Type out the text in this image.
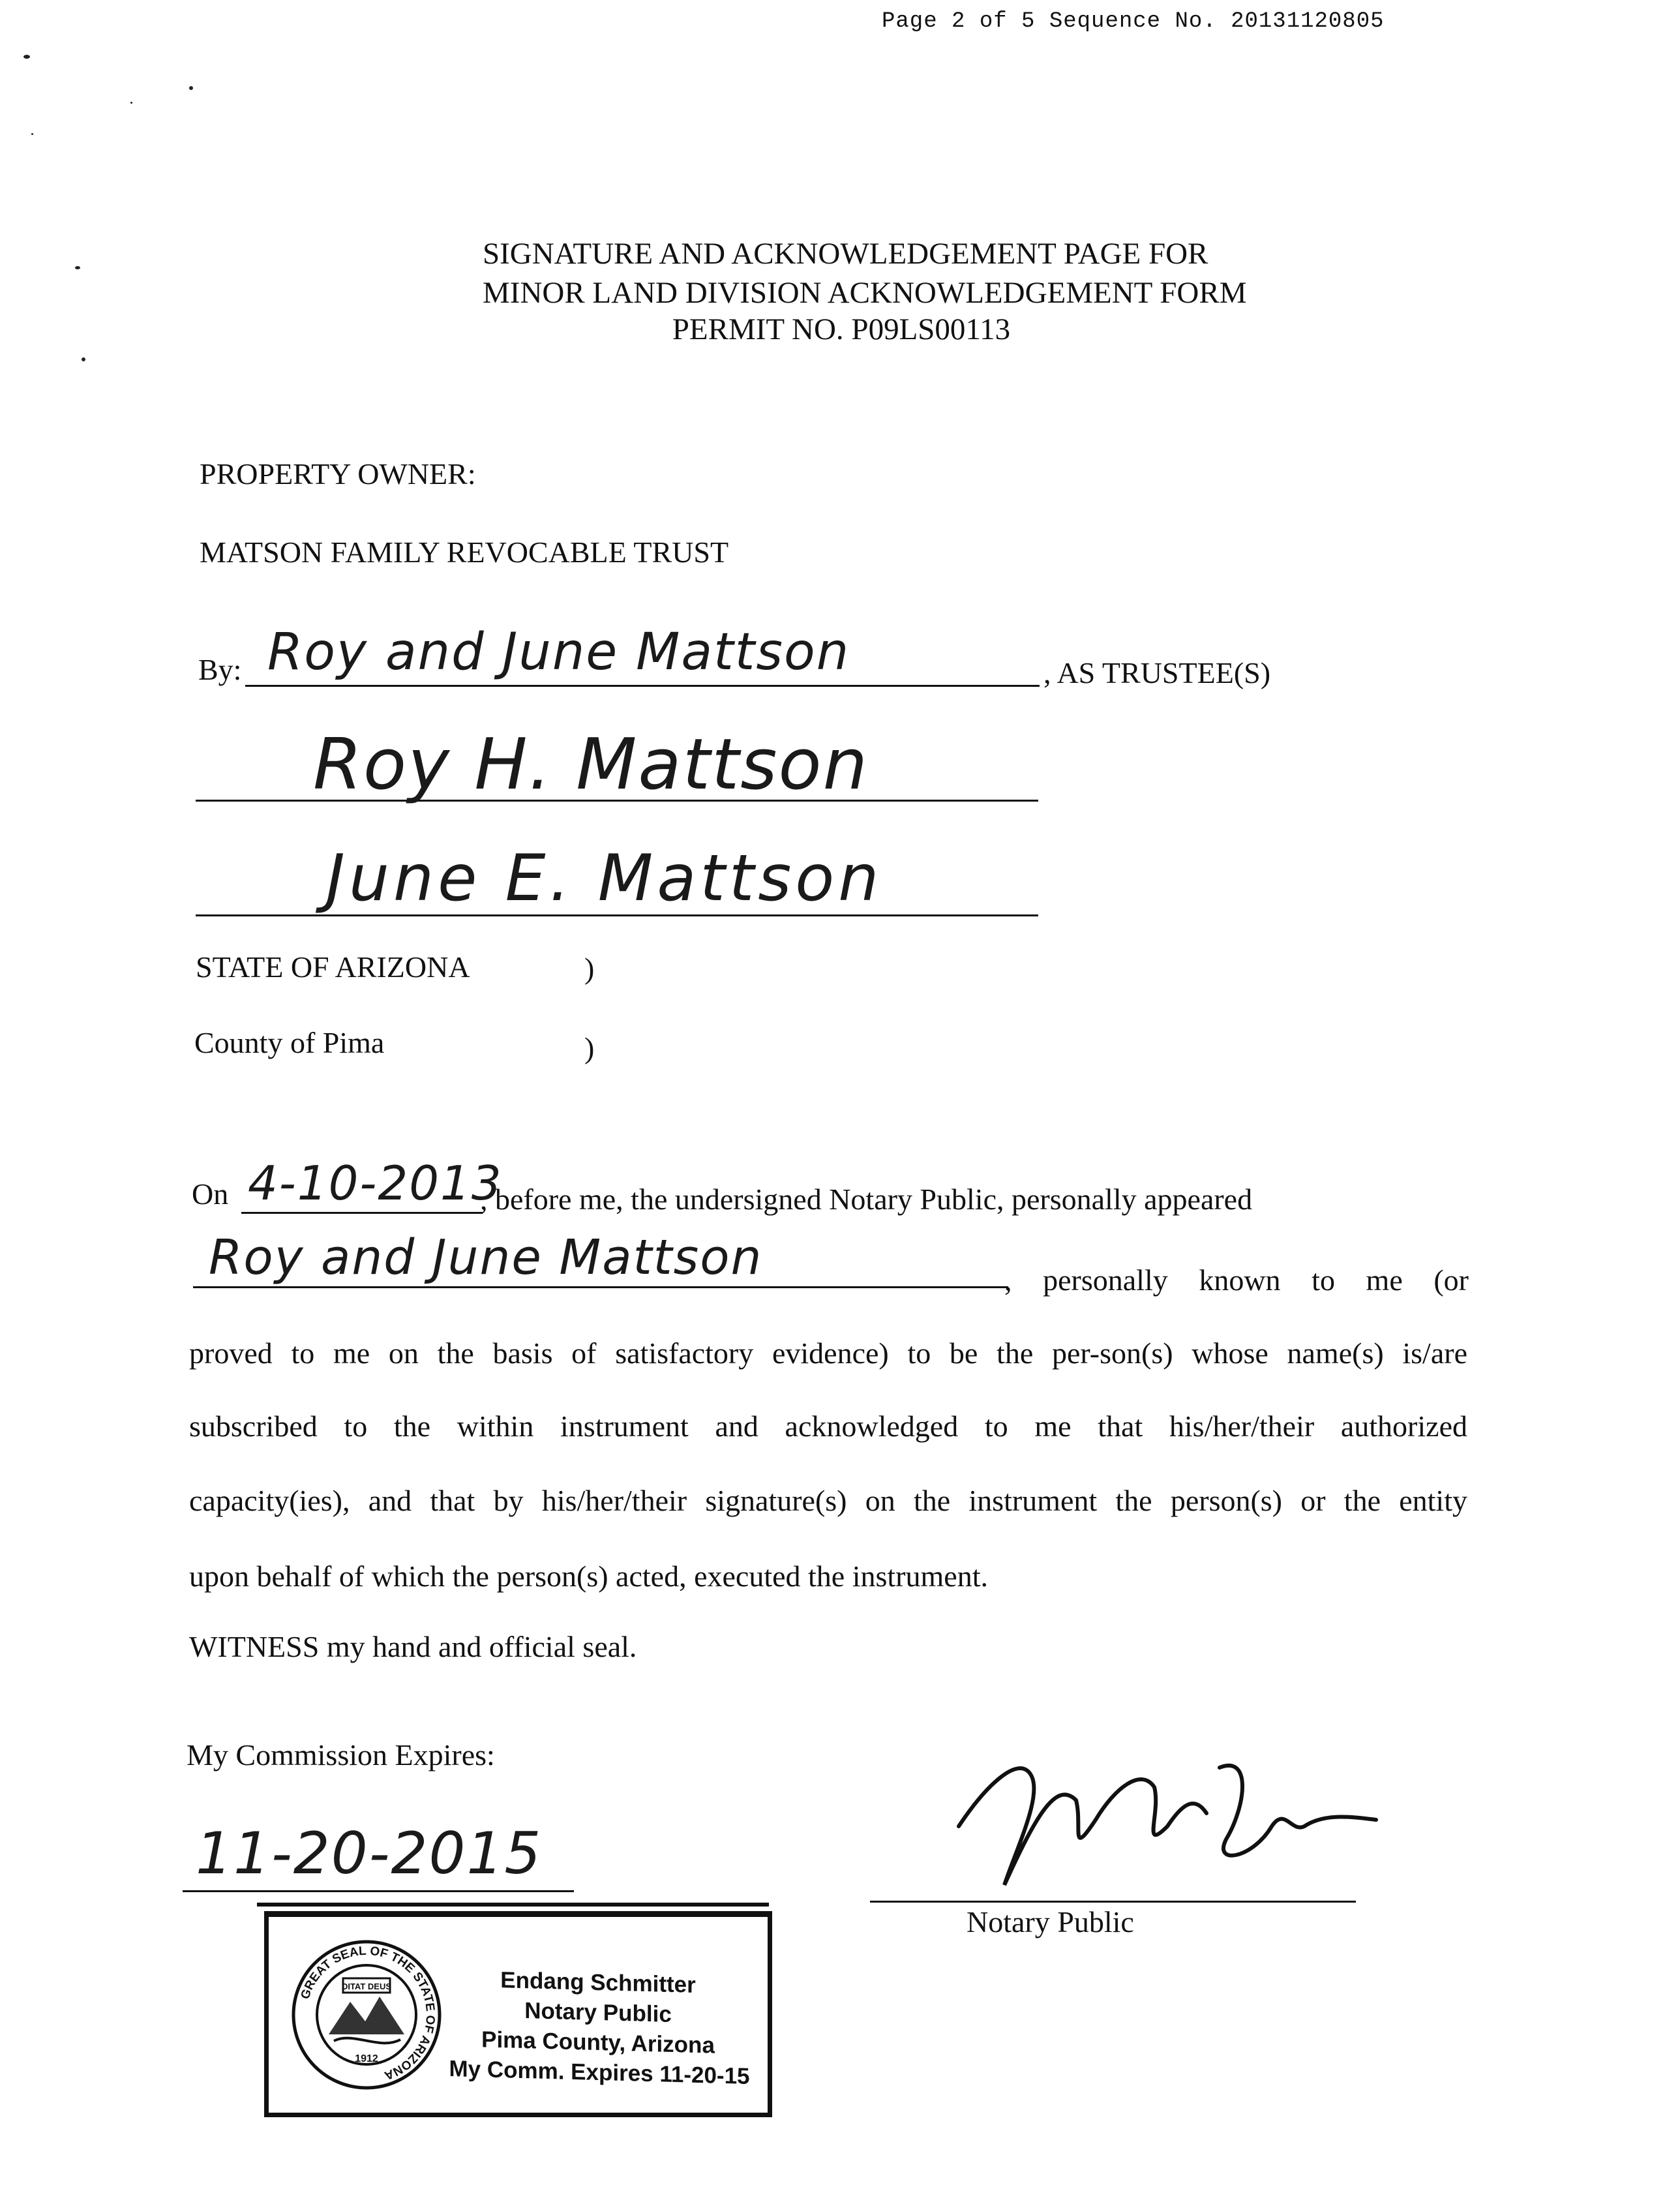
Page 2 of 5 Sequence No. 20131120805
SIGNATURE AND ACKNOWLEDGEMENT PAGE FOR
MINOR LAND DIVISION ACKNOWLEDGEMENT FORM
PERMIT NO. P09LS00113
PROPERTY OWNER:
MATSON FAMILY REVOCABLE TRUST
By: Roy and June Mattson	, AS TRUSTEE(S)
Roy H. Mattson
June E. Mattson
STATE OF ARIZONA	)
County of Pima	)
On 4-10-2013
, before me, the undersigned Notary Public, personally appeared
Roy and June Mattson	, personally known to me (or
proved to me on the basis of satisfactory evidence) to be the per-son(s) whose name(s) is/are
subscribed to the within instrument and acknowledged to me that his/her/their authorized
capacity(ies), and that by his/her/their signature(s) on the instrument the person(s) or the entity
upon behalf of which the person(s) acted, executed the instrument.
WITNESS my hand and official seal.
My Commission Expires:
11-20-2015
Notary Public
GREAT SEAL OF THE STATE OF ARIZONA
DITAT DEUS
1912
Endang Schmitter
Notary Public
Pima County, Arizona
My Comm. Expires 11-20-15
